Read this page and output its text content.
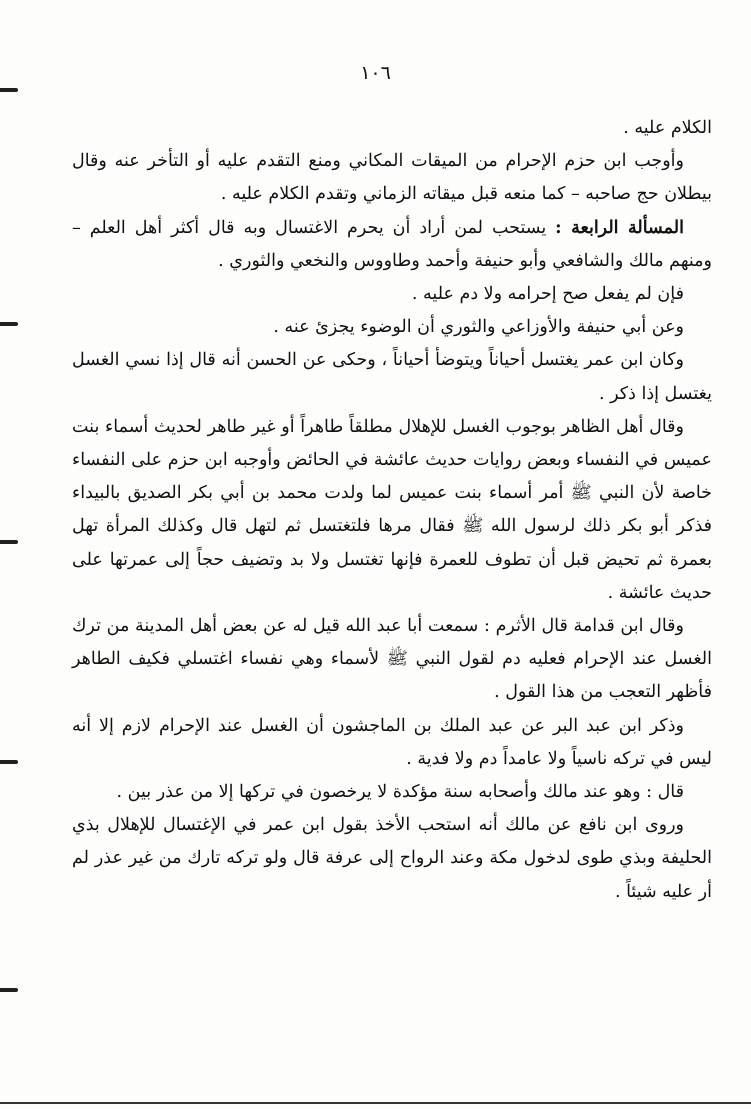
١٠٦

الكلام عليه .

وأوجب ابن حزم الإحرام من الميقات المكاني ومنع التقدم عليه أو التأخر عنه وقال بيطلان حج صاحبه – كما منعه قبل ميقاته الزماني وتقدم الكلام عليه .

المسألة الرابعة : يستحب لمن أراد أن يحرم الاغتسال وبه قال أكثر أهل العلم – ومنهم مالك والشافعي وأبو حنيفة وأحمد وطاووس والنخعي والثوري .

فإن لم يفعل صح إحرامه ولا دم عليه .

وعن أبي حنيفة والأوزاعي والثوري أن الوضوء يجزئ عنه .

وكان ابن عمر يغتسل أحياناً ويتوضأ أحياناً ، وحكى عن الحسن أنه قال إذا نسي الغسل يغتسل إذا ذكر .

وقال أهل الظاهر بوجوب الغسل للإهلال مطلقاً طاهراً أو غير طاهر لحديث أسماء بنت عميس في النفساء وبعض روايات حديث عائشة في الحائض وأوجبه ابن حزم على النفساء خاصة لأن النبي ﷺ أمر أسماء بنت عميس لما ولدت محمد بن أبي بكر الصديق بالبيداء فذكر أبو بكر ذلك لرسول الله ﷺ فقال مرها فلتغتسل ثم لتهل قال وكذلك المرأة تهل بعمرة ثم تحيض قبل أن تطوف للعمرة فإنها تغتسل ولا بد وتضيف حجاً إلى عمرتها على حديث عائشة .

وقال ابن قدامة قال الأثرم : سمعت أبا عبد الله قيل له عن بعض أهل المدينة من ترك الغسل عند الإحرام فعليه دم لقول النبي ﷺ لأسماء وهي نفساء اغتسلي فكيف الطاهر فأظهر التعجب من هذا القول .

وذكر ابن عبد البر عن عبد الملك بن الماجشون أن الغسل عند الإحرام لازم إلا أنه ليس في تركه ناسياً ولا عامداً دم ولا فدية .

قال : وهو عند مالك وأصحابه سنة مؤكدة لا يرخصون في تركها إلا من عذر بين .

وروى ابن نافع عن مالك أنه استحب الأخذ بقول ابن عمر في الإغتسال للإهلال بذي الحليفة وبذي طوى لدخول مكة وعند الرواح إلى عرفة قال ولو تركه تارك من غير عذر لم أر عليه شيئاً .
